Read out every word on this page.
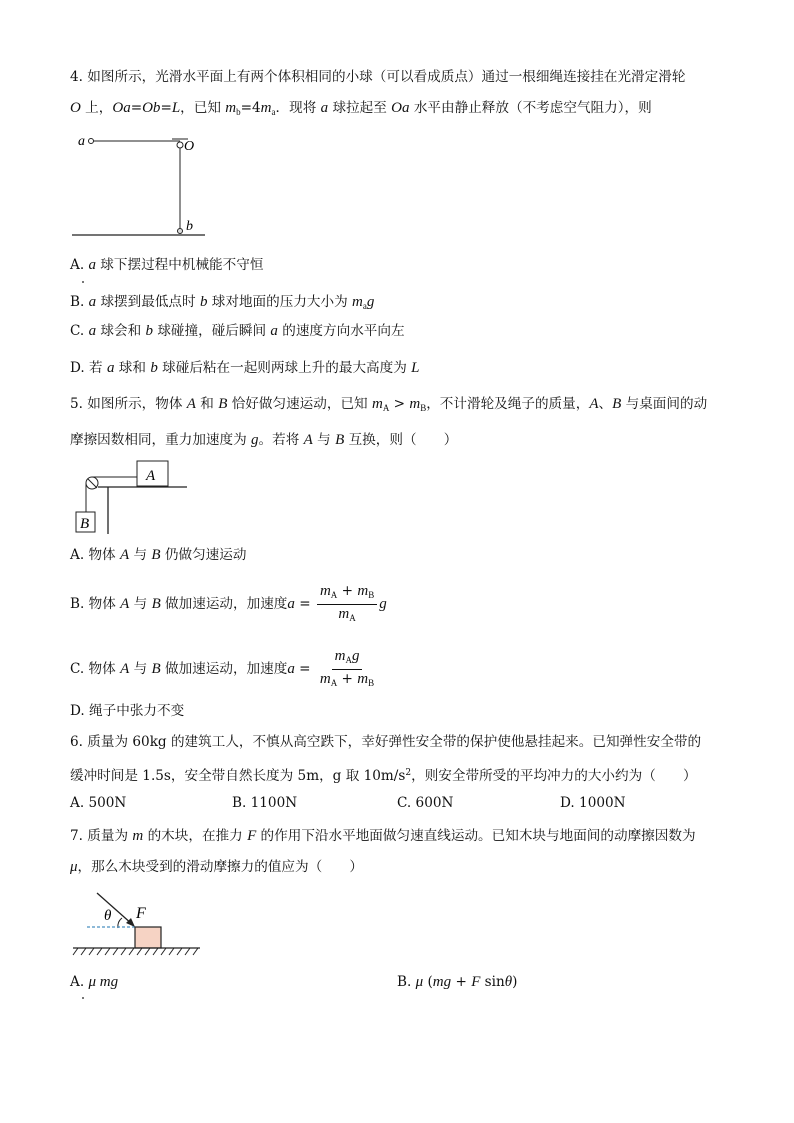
4. 如图所示，光滑水平面上有两个体积相同的小球（可以看成质点）通过一根细绳连接挂在光滑定滑轮
O 上，Oa=Ob=L，已知 $m_b=4m_a$．现将 a 球拉起至 Oa 水平由静止释放（不考虑空气阻力），则
a	O
b
A. a 球下摆过程中机械能不守恒
B. a 球摆到最低点时 b 球对地面的压力大小为 $m_ag$
C. a 球会和 b 球碰撞，碰后瞬间 a 的速度方向水平向左
D. 若 a 球和 b 球碰后粘在一起则两球上升的最大高度为 L
5. 如图所示，物体 A 和 B 恰好做匀速运动，已知 $m_A > m_B$，不计滑轮及绳子的质量，A、B 与桌面间的动
摩擦因数相同，重力加速度为 g。若将 A 与 B 互换，则（　　）
A
B
A. 物体 A 与 B 仍做匀速运动
B. 物体 A 与 B 做加速运动，加速度$a = \frac{m_A + m_B}{m_A}$ g
C. 物体 A 与 B 做加速运动，加速度$a = \frac{m_Ag}{m_A + m_B}$
D. 绳子中张力不变
6. 质量为 60kg 的建筑工人，不慎从高空跌下，幸好弹性安全带的保护使他悬挂起来。已知弹性安全带的
缓冲时间是 1.5s，安全带自然长度为 5m，g 取 $10m/s^2$，则安全带所受的平均冲力的大小约为（　　）
A. 500N	B. 1100N	C. 600N	D. 1000N
7. 质量为 m 的木块，在推力 F 的作用下沿水平地面做匀速直线运动。已知木块与地面间的动摩擦因数为
μ，那么木块受到的滑动摩擦力的值应为（　　）
θ F
A. μ mg	B. μ (mg + F sinθ)
